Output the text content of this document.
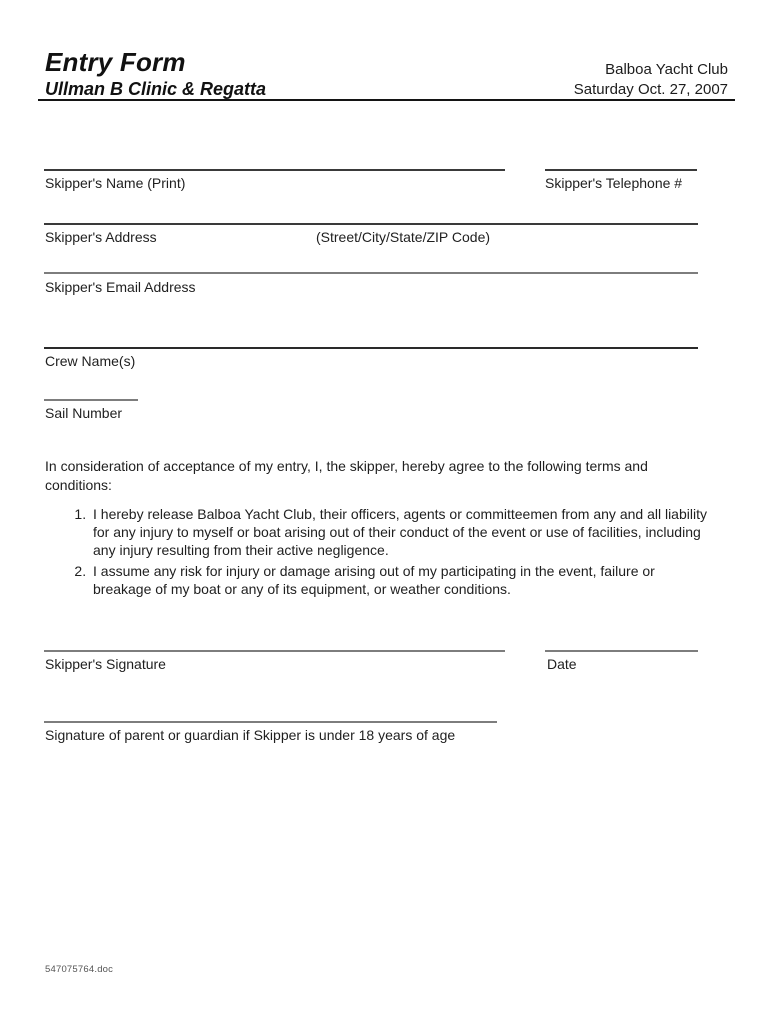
Entry Form
Ullman B Clinic & Regatta
Balboa Yacht Club
Saturday Oct. 27, 2007
Skipper's Name (Print)	Skipper's Telephone #
Skipper's Address	(Street/City/State/ZIP Code)
Skipper's Email Address
Crew Name(s)
Sail Number
In consideration of acceptance of my entry, I, the skipper, hereby agree to the following terms and conditions:
1. I hereby release Balboa Yacht Club, their officers, agents or committeemen from any and all liability for any injury to myself or boat arising out of their conduct of the event or use of facilities, including any injury resulting from their active negligence.
2. I assume any risk for injury or damage arising out of my participating in the event, failure or breakage of my boat or any of its equipment, or weather conditions.
Skipper's Signature	Date
Signature of parent or guardian if Skipper is under 18 years of age
547075764.doc
